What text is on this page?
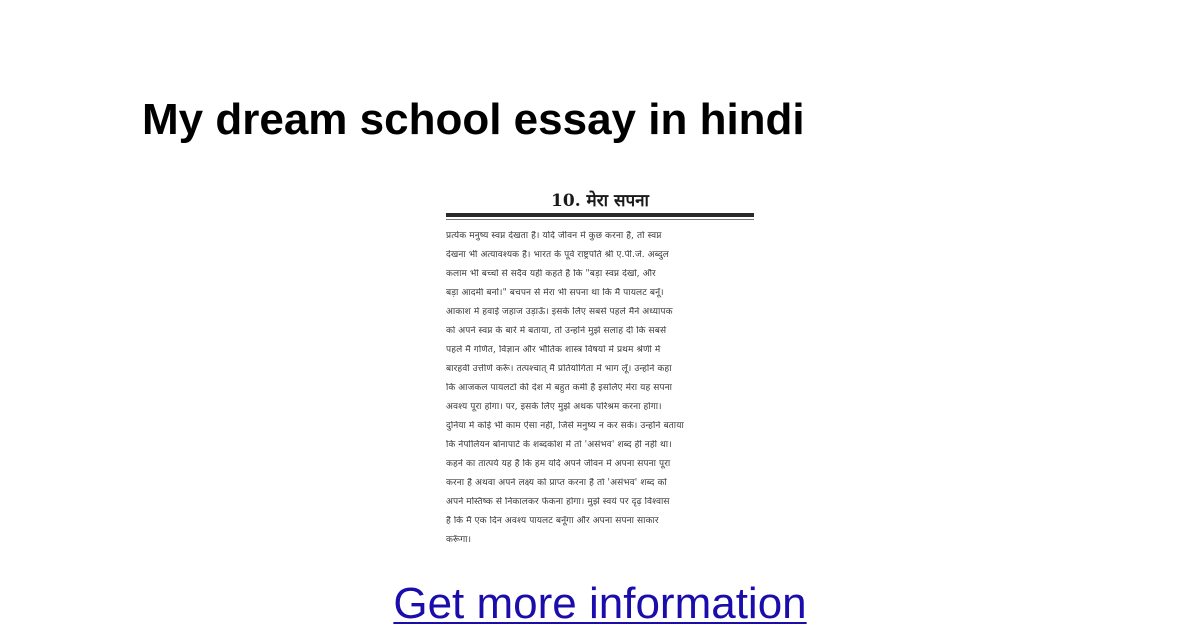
My dream school essay in hindi
10. मेरा सपना
प्रत्येक मनुष्य स्वप्न देखता है। यदि जीवन में कुछ करना है, तो स्वप्न
देखना भी अत्यावश्यक है। भारत के पूर्व राष्ट्रपति श्री ए.पी.जे. अब्दुल
कलाम भी बच्चों से सदैव यही कहते हैं कि "बड़ा स्वप्न देखो, और
बड़ा आदमी बनो।" बचपन से मेरा भी सपना था कि मैं पायलट बनूँ।
आकाश में हवाई जहाज उड़ाऊँ। इसके लिए सबसे पहले मैंने अध्यापक
को अपने स्वप्न के बारे में बताया, तो उन्होंने मुझे सलाह दी कि सबसे
पहले मैं गणित, विज्ञान और भौतिक शास्त्र विषयों में प्रथम श्रेणी में
बारहवीं उत्तीर्ण करूँ। तत्पश्चात् मैं प्रतियोगिता में भाग लूँ। उन्होंने कहा
कि आजकल पायलटों की देश में बहुत कमी है इसलिए मेरा यह सपना
अवश्य पूरा होगा। पर, इसके लिए मुझे अथक परिश्रम करना होगा।
दुनिया में कोई भी काम ऐसा नहीं, जिसे मनुष्य न कर सके। उन्होंने बताया
कि नेपोलियन बोनापार्ट के शब्दकोश में तो 'असंभव' शब्द ही नहीं था।
कहने का तात्पर्य यह है कि हम यदि अपने जीवन में अपना सपना पूरा
करना है अथवा अपने लक्ष्य को प्राप्त करना है तो 'असंभव' शब्द को
अपने मस्तिष्क से निकालकर फेंकना होगा। मुझे स्वयं पर दृढ़ विश्वास
है कि मैं एक दिन अवश्य पायलट बनूँगा और अपना सपना साकार
करूँगा।
Get more information
